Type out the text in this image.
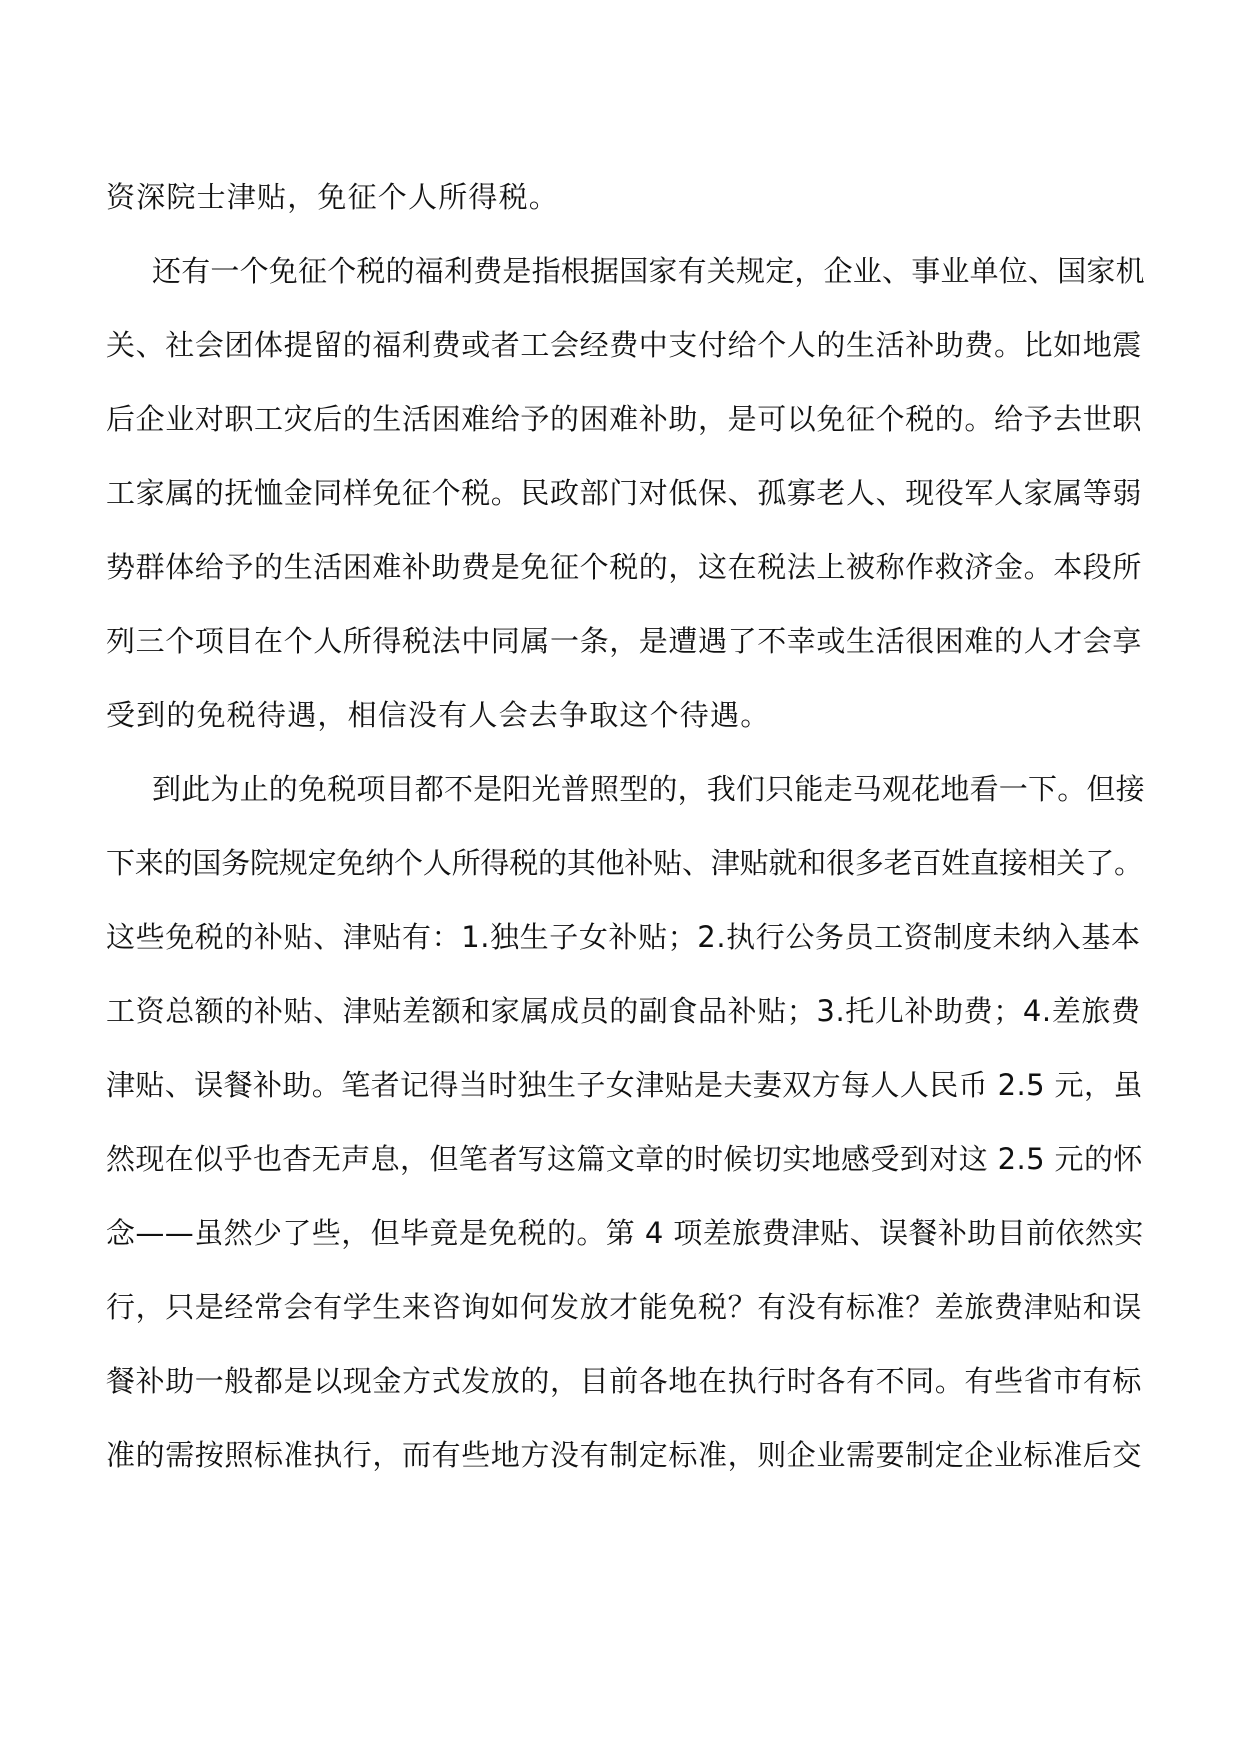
资深院士津贴，免征个人所得税。
还有一个免征个税的福利费是指根据国家有关规定，企业、事业单位、国家机
关、社会团体提留的福利费或者工会经费中支付给个人的生活补助费。比如地震
后企业对职工灾后的生活困难给予的困难补助，是可以免征个税的。给予去世职
工家属的抚恤金同样免征个税。民政部门对低保、孤寡老人、现役军人家属等弱
势群体给予的生活困难补助费是免征个税的，这在税法上被称作救济金。本段所
列三个项目在个人所得税法中同属一条，是遭遇了不幸或生活很困难的人才会享
受到的免税待遇，相信没有人会去争取这个待遇。
到此为止的免税项目都不是阳光普照型的，我们只能走马观花地看一下。但接
下来的国务院规定免纳个人所得税的其他补贴、津贴就和很多老百姓直接相关了。
这些免税的补贴、津贴有：1.独生子女补贴；2.执行公务员工资制度未纳入基本
工资总额的补贴、津贴差额和家属成员的副食品补贴；3.托儿补助费；4.差旅费
津贴、误餐补助。笔者记得当时独生子女津贴是夫妻双方每人人民币 2.5 元，虽
然现在似乎也杳无声息，但笔者写这篇文章的时候切实地感受到对这 2.5 元的怀
念——虽然少了些，但毕竟是免税的。第 4 项差旅费津贴、误餐补助目前依然实
行，只是经常会有学生来咨询如何发放才能免税？有没有标准？差旅费津贴和误
餐补助一般都是以现金方式发放的，目前各地在执行时各有不同。有些省市有标
准的需按照标准执行，而有些地方没有制定标准，则企业需要制定企业标准后交
